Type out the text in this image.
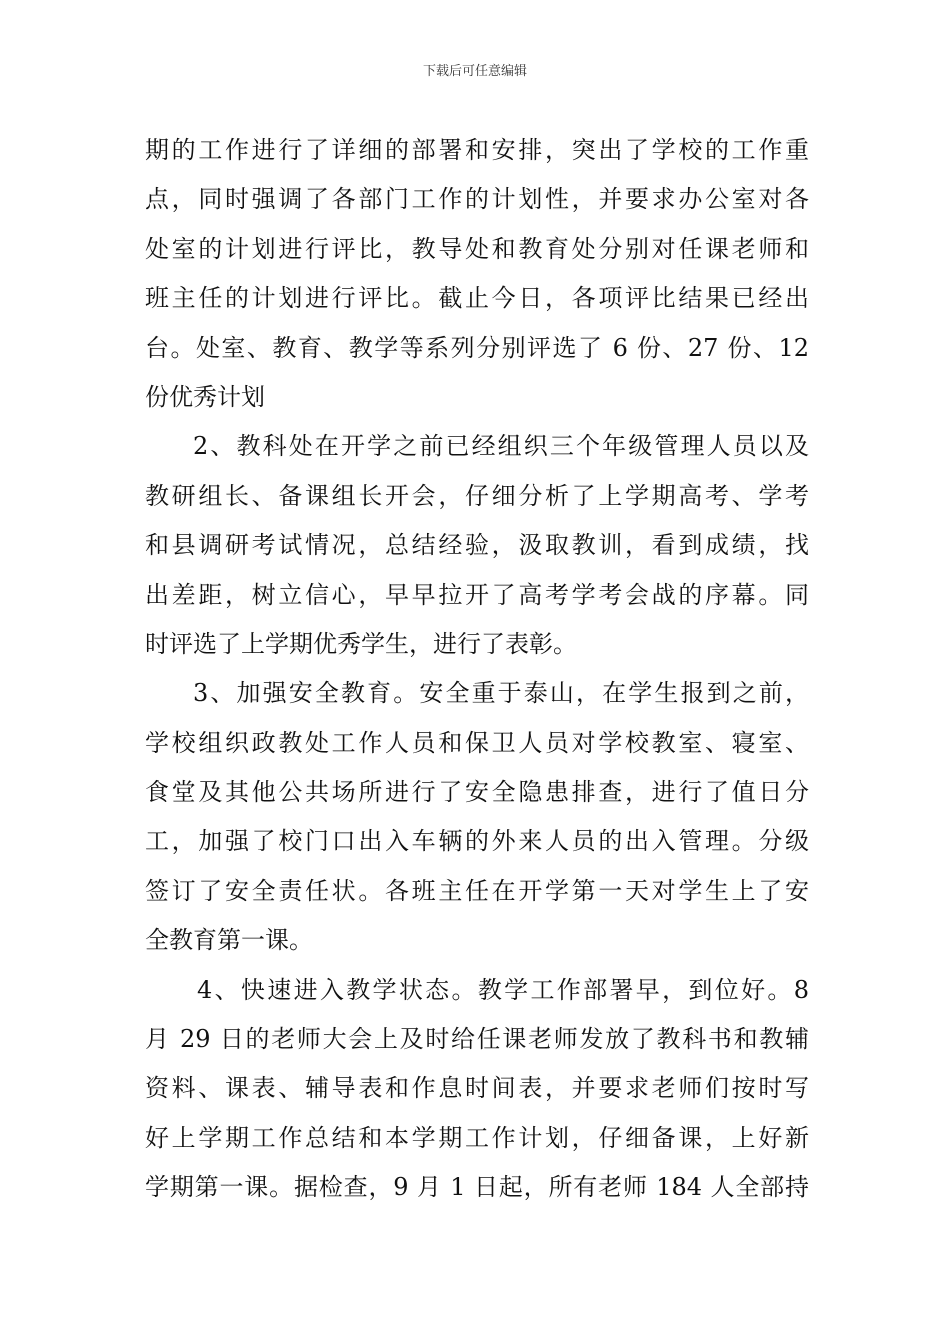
下载后可任意编辑
期的工作进行了详细的部署和安排，突出了学校的工作重
点，同时强调了各部门工作的计划性，并要求办公室对各
处室的计划进行评比，教导处和教育处分别对任课老师和
班主任的计划进行评比。截止今日，各项评比结果已经出
台。处室、教育、教学等系列分别评选了 6 份、27 份、12
份优秀计划
2、教科处在开学之前已经组织三个年级管理人员以及
教研组长、备课组长开会，仔细分析了上学期高考、学考
和县调研考试情况，总结经验，汲取教训，看到成绩，找
出差距，树立信心，早早拉开了高考学考会战的序幕。同
时评选了上学期优秀学生，进行了表彰。
3、加强安全教育。安全重于泰山，在学生报到之前，
学校组织政教处工作人员和保卫人员对学校教室、寝室、
食堂及其他公共场所进行了安全隐患排查，进行了值日分
工，加强了校门口出入车辆的外来人员的出入管理。分级
签订了安全责任状。各班主任在开学第一天对学生上了安
全教育第一课。
4、快速进入教学状态。教学工作部署早，到位好。8
月 29 日的老师大会上及时给任课老师发放了教科书和教辅
资料、课表、辅导表和作息时间表，并要求老师们按时写
好上学期工作总结和本学期工作计划，仔细备课，上好新
学期第一课。据检查，9 月 1 日起，所有老师 184 人全部持
